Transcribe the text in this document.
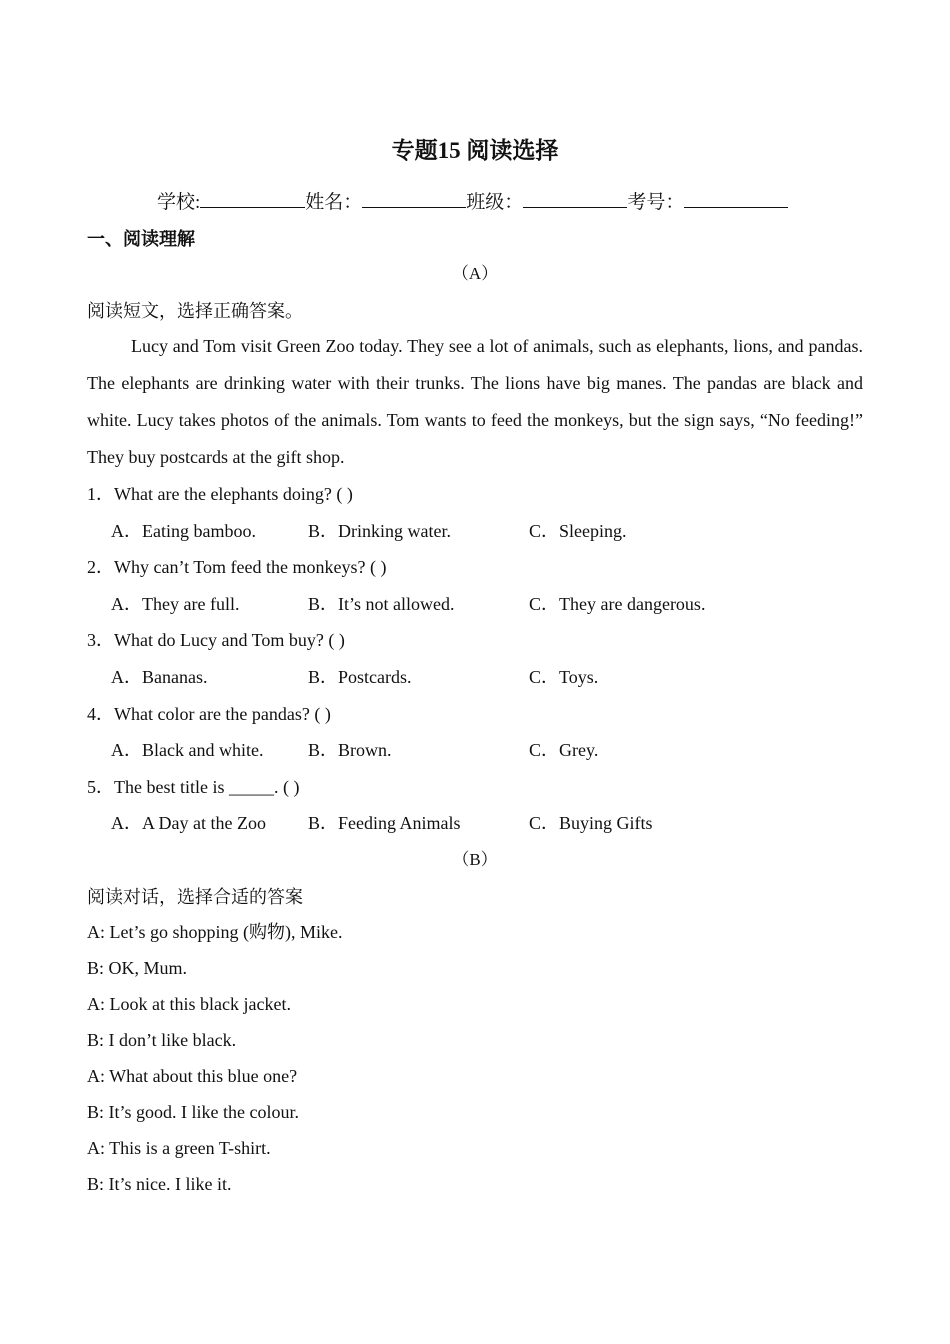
专题15 阅读选择
学校:	姓名：	班级：	考号：
一、阅读理解
（A）
阅读短文，选择正确答案。
Lucy and Tom visit Green Zoo today. They see a lot of animals, such as elephants, lions, and pandas. The elephants are drinking water with their trunks. The lions have big manes. The pandas are black and white. Lucy takes photos of the animals. Tom wants to feed the monkeys, but the sign says, “No feeding!” They buy postcards at the gift shop.
1．What are the elephants doing? ( )
A．Eating bamboo.	B．Drinking water.	C．Sleeping.
2．Why can’t Tom feed the monkeys? ( )
A．They are full.	B．It’s not allowed.	C．They are dangerous.
3．What do Lucy and Tom buy? ( )
A．Bananas.	B．Postcards.	C．Toys.
4．What color are the pandas? ( )
A．Black and white. B．Brown.	C．Grey.
5．The best title is _____. ( )
A．A Day at the Zoo B．Feeding Animals	C．Buying Gifts
（B）
阅读对话，选择合适的答案
A: Let’s go shopping (购物), Mike.
B: OK, Mum.
A: Look at this black jacket.
B: I don’t like black.
A: What about this blue one?
B: It’s good. I like the colour.
A: This is a green T-shirt.
B: It’s nice. I like it.
